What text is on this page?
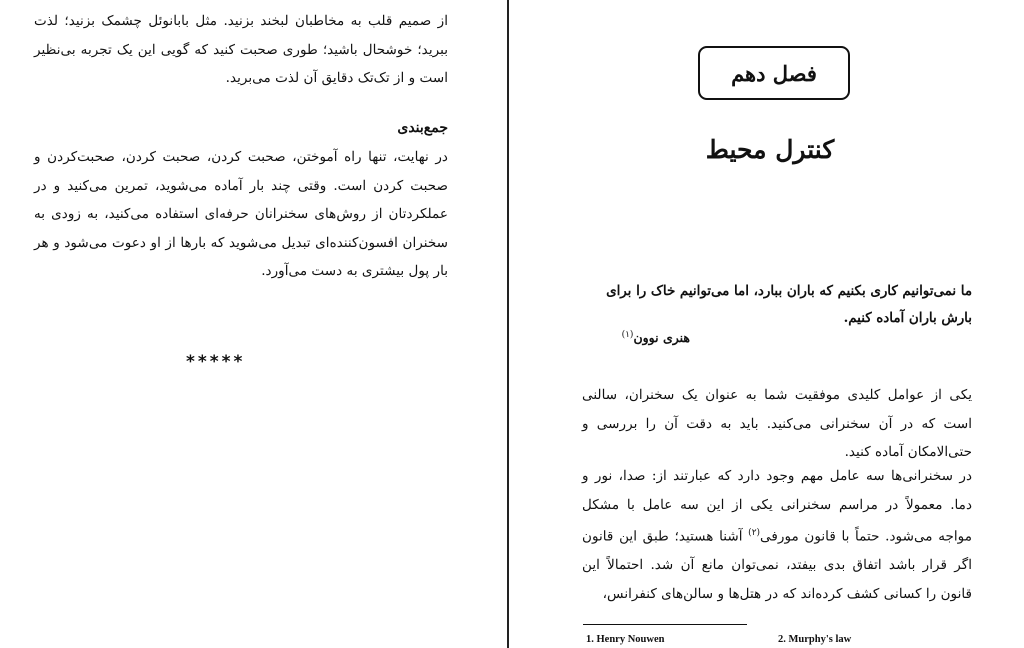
از صمیم قلب به مخاطبان لبخند بزنید. مثل بابانوئل چشمک بزنید؛ لذت ببرید؛ خوشحال باشید؛ طوری صحبت کنید که گویی این یک تجربه بی‌نظیر است و از تک‌تک دقایق آن لذت می‌برید.

جمع‌بندی

در نهایت، تنها راه آموختن، صحبت کردن، صحبت کردن، صحبت‌کردن و صحبت کردن است. وقتی چند بار آماده می‌شوید، تمرین می‌کنید و در عملکردتان از روش‌های سخنرانان حرفه‌ای استفاده می‌کنید، به زودی به سخنران افسون‌کننده‌ای تبدیل می‌شوید که بارها از او دعوت می‌شود و هر بار پول بیشتری به دست می‌آورد.

*****
فصل دهم
کنترل محیط

ما نمی‌توانیم کاری بکنیم که باران ببارد، اما می‌توانیم خاک را برای بارش باران آماده کنیم.

هنری نوون$^{(۱)}$

یکی از عوامل کلیدی موفقیت شما به عنوان یک سخنران، سالنی است که در آن سخنرانی می‌کنید. باید به دقت آن را بررسی و حتی‌الامکان آماده کنید.

در سخنرانی‌ها سه عامل مهم وجود دارد که عبارتند از: صدا، نور و دما. معمولاً در مراسم سخنرانی یکی از این سه عامل با مشکل مواجه می‌شود. حتماً با قانون مورفی$^{(۲)}$ آشنا هستید؛ طبق این قانون اگر قرار باشد اتفاق بدی بیفتد، نمی‌توان مانع آن شد. احتمالاً این قانون را کسانی کشف کرده‌اند که در هتل‌ها و سالن‌های کنفرانس،

1. Henry Nouwen	2. Murphy's law
